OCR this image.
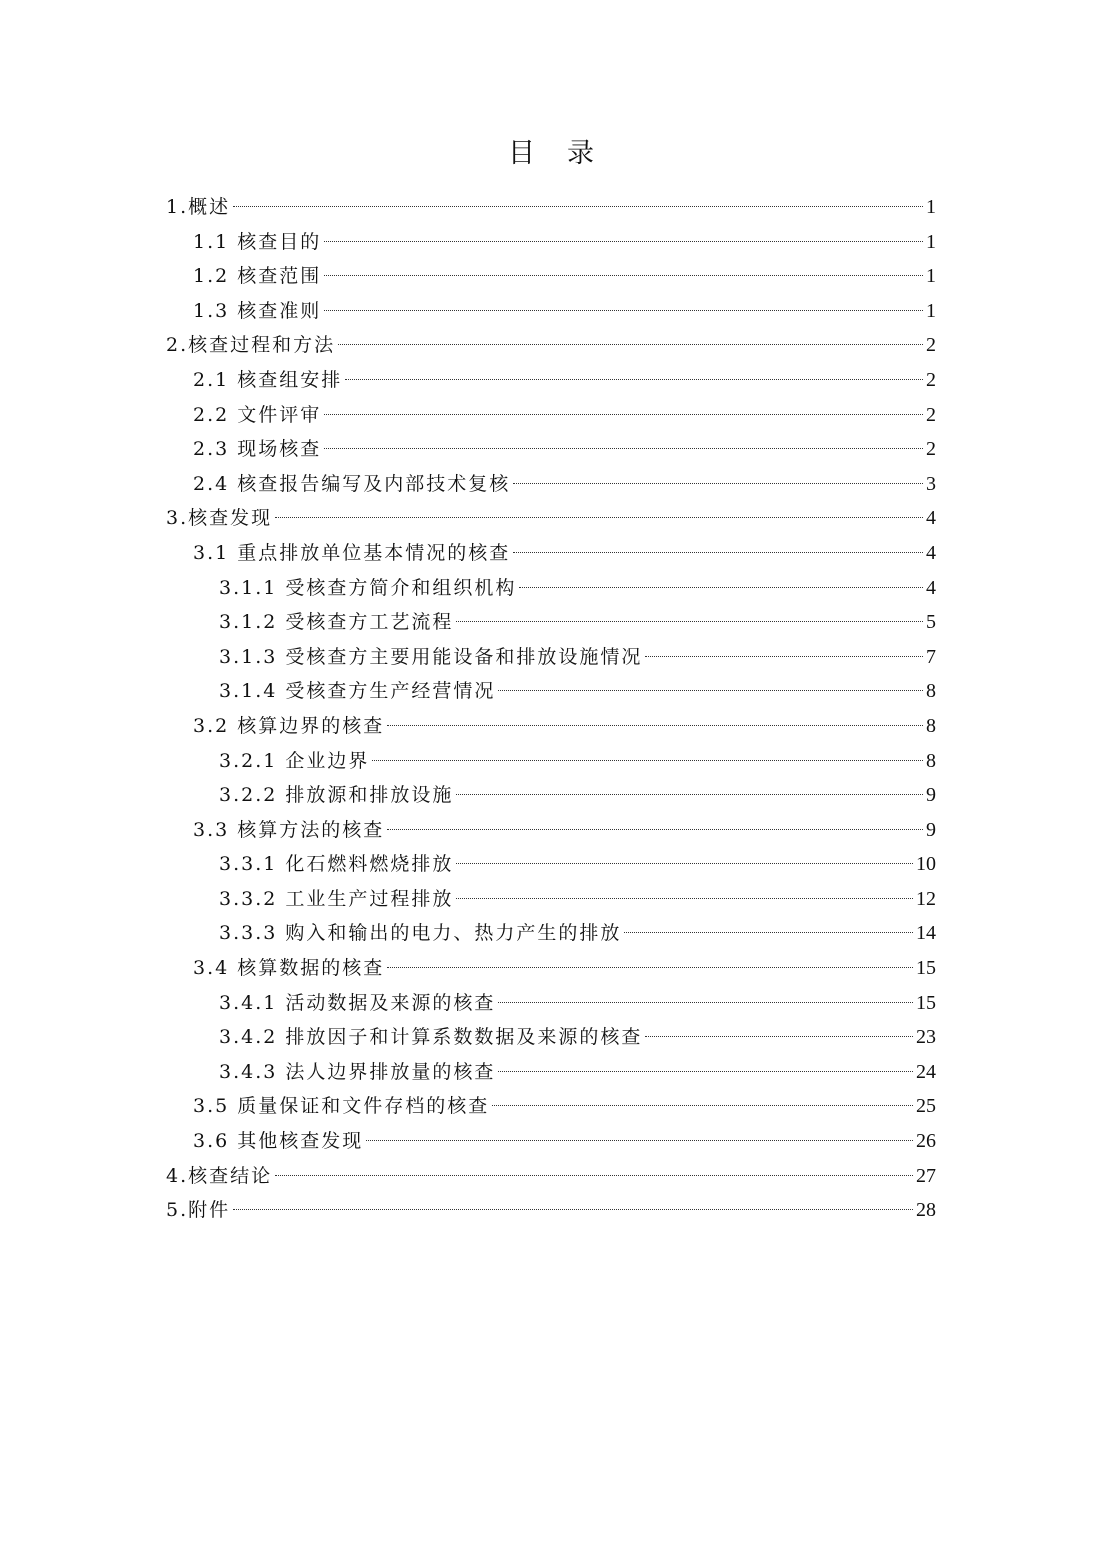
目 录
1.概述	1
1.1 核查目的	1
1.2 核查范围	1
1.3 核查准则	1
2.核查过程和方法	2
2.1 核查组安排	2
2.2 文件评审	2
2.3 现场核查	2
2.4 核查报告编写及内部技术复核	3
3.核查发现	4
3.1 重点排放单位基本情况的核查	4
3.1.1 受核查方简介和组织机构	4
3.1.2 受核查方工艺流程	5
3.1.3 受核查方主要用能设备和排放设施情况	7
3.1.4 受核查方生产经营情况	8
3.2 核算边界的核查	8
3.2.1 企业边界	8
3.2.2 排放源和排放设施	9
3.3 核算方法的核查	9
3.3.1 化石燃料燃烧排放	10
3.3.2 工业生产过程排放	12
3.3.3 购入和输出的电力、热力产生的排放	14
3.4 核算数据的核查	15
3.4.1 活动数据及来源的核查	15
3.4.2 排放因子和计算系数数据及来源的核查	23
3.4.3 法人边界排放量的核查	24
3.5 质量保证和文件存档的核查	25
3.6 其他核查发现	26
4.核查结论	27
5.附件	28
